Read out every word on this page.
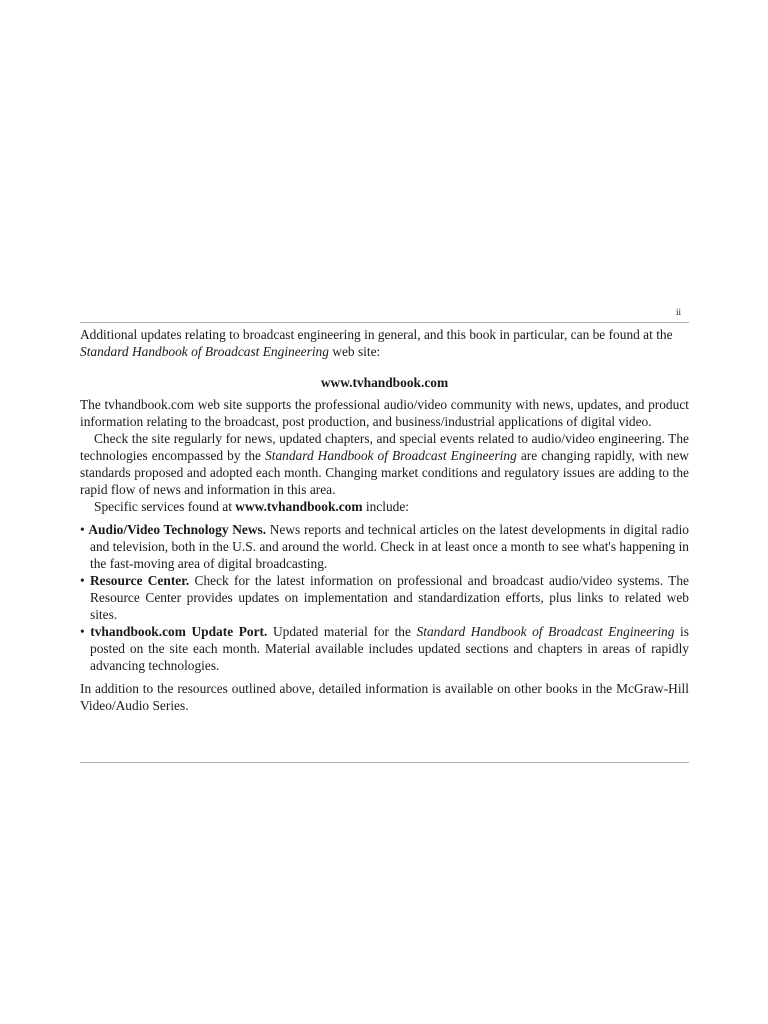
ii

Additional updates relating to broadcast engineering in general, and this book in particular, can be found at the Standard Handbook of Broadcast Engineering web site:

www.tvhandbook.com

The tvhandbook.com web site supports the professional audio/video community with news, updates, and product information relating to the broadcast, post production, and business/industrial applications of digital video.

Check the site regularly for news, updated chapters, and special events related to audio/video engineering. The technologies encompassed by the Standard Handbook of Broadcast Engineering are changing rapidly, with new standards proposed and adopted each month. Changing market conditions and regulatory issues are adding to the rapid flow of news and information in this area.

Specific services found at www.tvhandbook.com include:

• Audio/Video Technology News. News reports and technical articles on the latest developments in digital radio and television, both in the U.S. and around the world. Check in at least once a month to see what's happening in the fast-moving area of digital broadcasting.
• Resource Center. Check for the latest information on professional and broadcast audio/video systems. The Resource Center provides updates on implementation and standardization efforts, plus links to related web sites.
• tvhandbook.com Update Port. Updated material for the Standard Handbook of Broadcast Engineering is posted on the site each month. Material available includes updated sections and chapters in areas of rapidly advancing technologies.

In addition to the resources outlined above, detailed information is available on other books in the McGraw-Hill Video/Audio Series.
